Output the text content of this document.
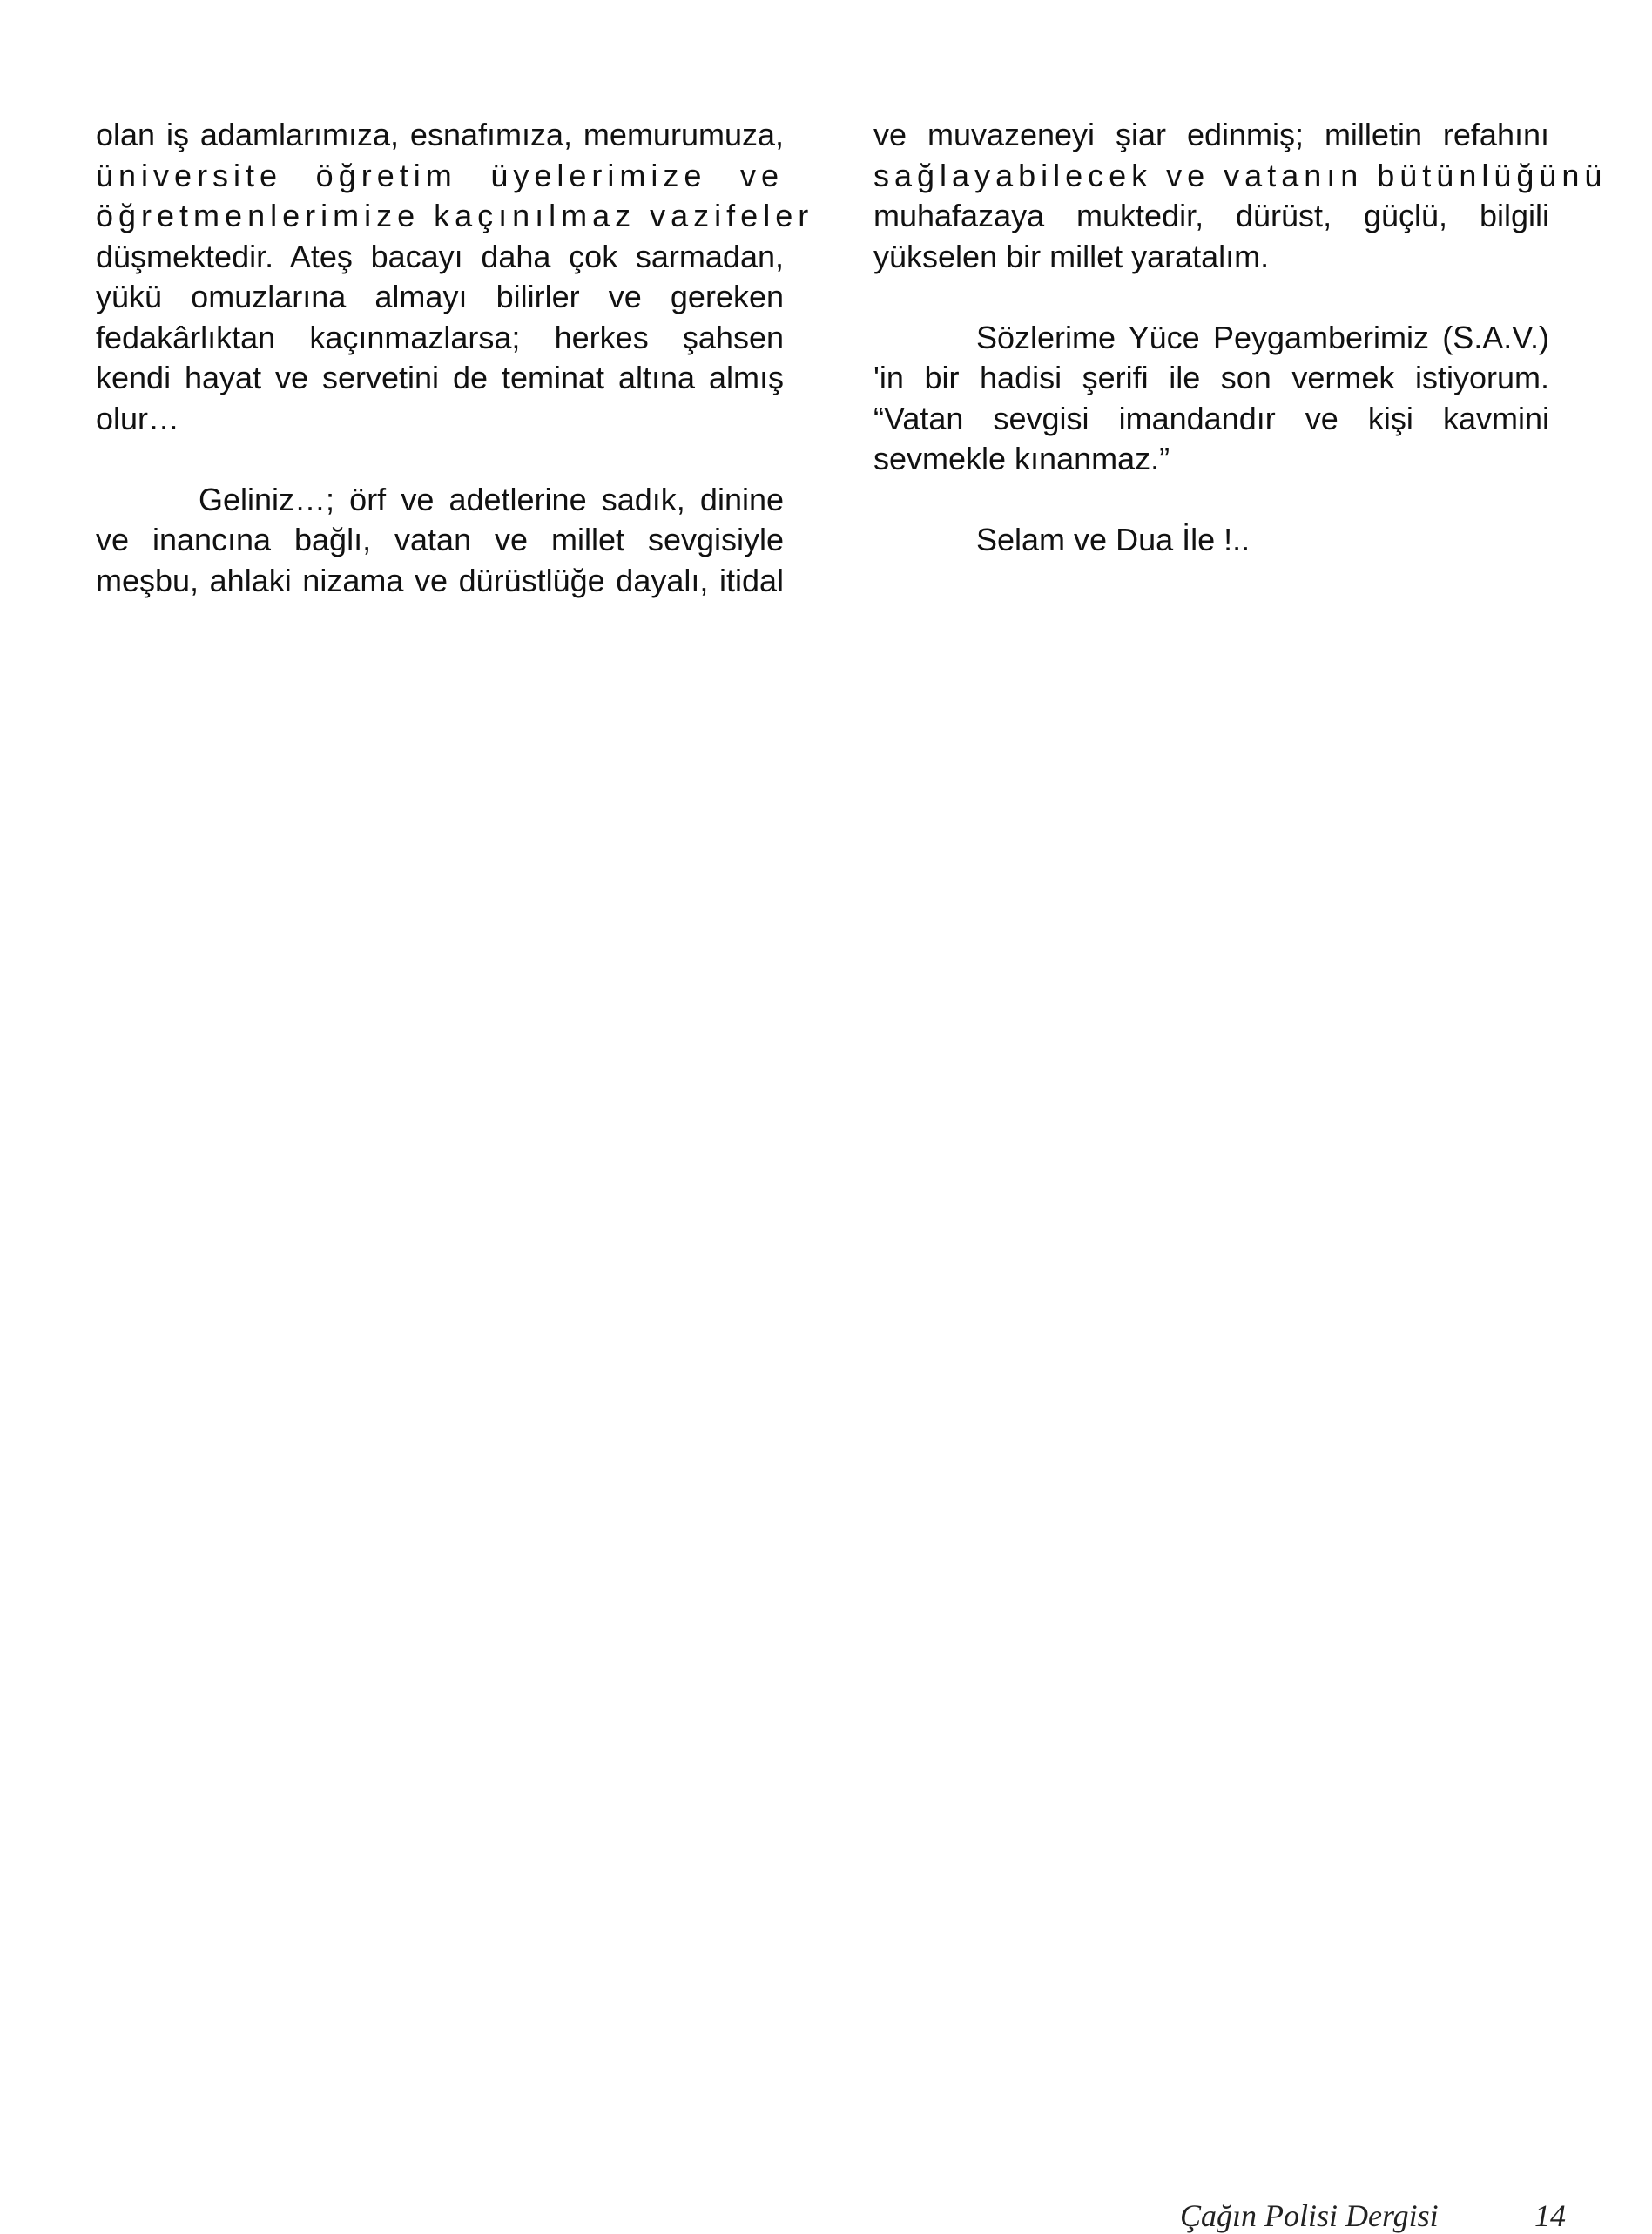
olan iş adamlarımıza, esnafımıza, memurumuza,
üniversite öğretim üyelerimize ve
öğretmenlerimize kaçınılmaz vazifeler
düşmektedir. Ateş bacayı daha çok sarmadan,
yükü omuzlarına almayı bilirler ve gereken
fedakârlıktan kaçınmazlarsa; herkes şahsen
kendi hayat ve servetini de teminat altına almış
olur…
Geliniz…; örf ve adetlerine sadık, dinine
ve inancına bağlı, vatan ve millet sevgisiyle
meşbu, ahlaki nizama ve dürüstlüğe dayalı, itidal
ve muvazeneyi şiar edinmiş; milletin refahını
sağlayabilecek ve vatanın bütünlüğünü
muhafazaya muktedir, dürüst, güçlü, bilgili
yükselen bir millet yaratalım.
Sözlerime Yüce Peygamberimiz (S.A.V.)
'in bir hadisi şerifi ile son vermek istiyorum.
“Vatan sevgisi imandandır ve kişi kavmini
sevmekle kınanmaz.”
Selam ve Dua İle !..
Çağın Polisi Dergisi	14
